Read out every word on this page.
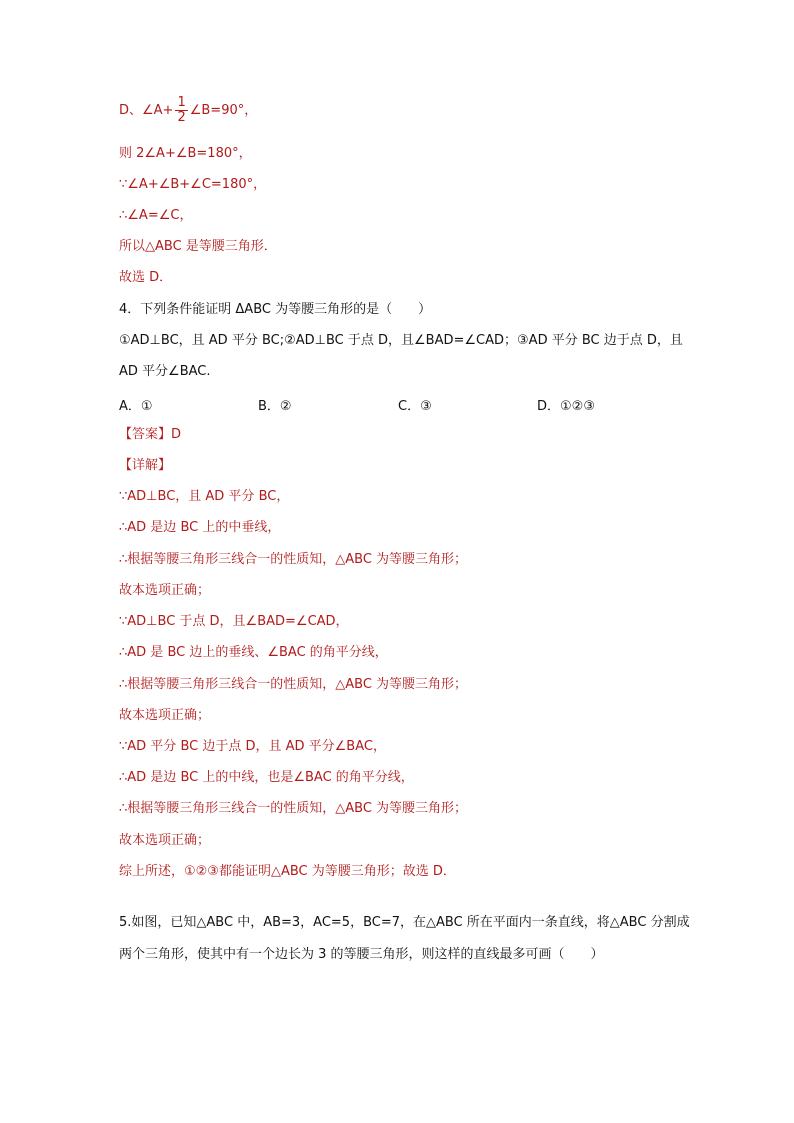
D、∠A+ $\frac{1}{2}$ ∠B=90°，
则 2∠A+∠B=180°，
∵∠A+∠B+∠C=180°，
∴∠A=∠C，
所以△ABC 是等腰三角形．
故选 D．
4．下列条件能证明 ΔABC 为等腰三角形的是（　　）
①AD⊥BC，且 AD 平分 BC;②AD⊥BC 于点 D，且∠BAD=∠CAD；③AD 平分 BC 边于点 D，且
AD 平分∠BAC.
A．①	B．②	C．③	D．①②③
【答案】D
【详解】
∵AD⊥BC，且 AD 平分 BC，
∴AD 是边 BC 上的中垂线，
∴根据等腰三角形三线合一的性质知，△ABC 为等腰三角形；
故本选项正确；
∵AD⊥BC 于点 D，且∠BAD=∠CAD，
∴AD 是 BC 边上的垂线、∠BAC 的角平分线，
∴根据等腰三角形三线合一的性质知，△ABC 为等腰三角形；
故本选项正确；
∵AD 平分 BC 边于点 D，且 AD 平分∠BAC，
∴AD 是边 BC 上的中线，也是∠BAC 的角平分线，
∴根据等腰三角形三线合一的性质知，△ABC 为等腰三角形；
故本选项正确；
综上所述，①②③都能证明△ABC 为等腰三角形；故选 D．
5.如图，已知△ABC 中，AB=3，AC=5，BC=7，在△ABC 所在平面内一条直线，将△ABC 分割成
两个三角形，使其中有一个边长为 3 的等腰三角形，则这样的直线最多可画（　　）
